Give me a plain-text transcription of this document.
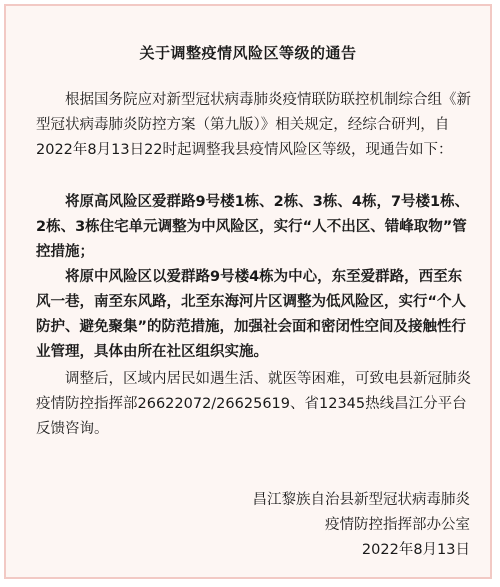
关于调整疫情风险区等级的通告

根据国务院应对新型冠状病毒肺炎疫情联防联控机制综合组《新型冠状病毒肺炎防控方案（第九版）》相关规定，经综合研判，自2022年8月13日22时起调整我县疫情风险区等级，现通告如下：

将原高风险区爱群路9号楼1栋、2栋、3栋、4栋，7号楼1栋、2栋、3栋住宅单元调整为中风险区，实行“人不出区、错峰取物”管控措施；

将原中风险区以爱群路9号楼4栋为中心，东至爱群路，西至东风一巷，南至东风路，北至东海河片区调整为低风险区，实行“个人防护、避免聚集”的防范措施，加强社会面和密闭性空间及接触性行业管理，具体由所在社区组织实施。

调整后，区域内居民如遇生活、就医等困难，可致电县新冠肺炎疫情防控指挥部26622072/26625619、省12345热线昌江分平台反馈咨询。

昌江黎族自治县新型冠状病毒肺炎
疫情防控指挥部办公室
2022年8月13日
